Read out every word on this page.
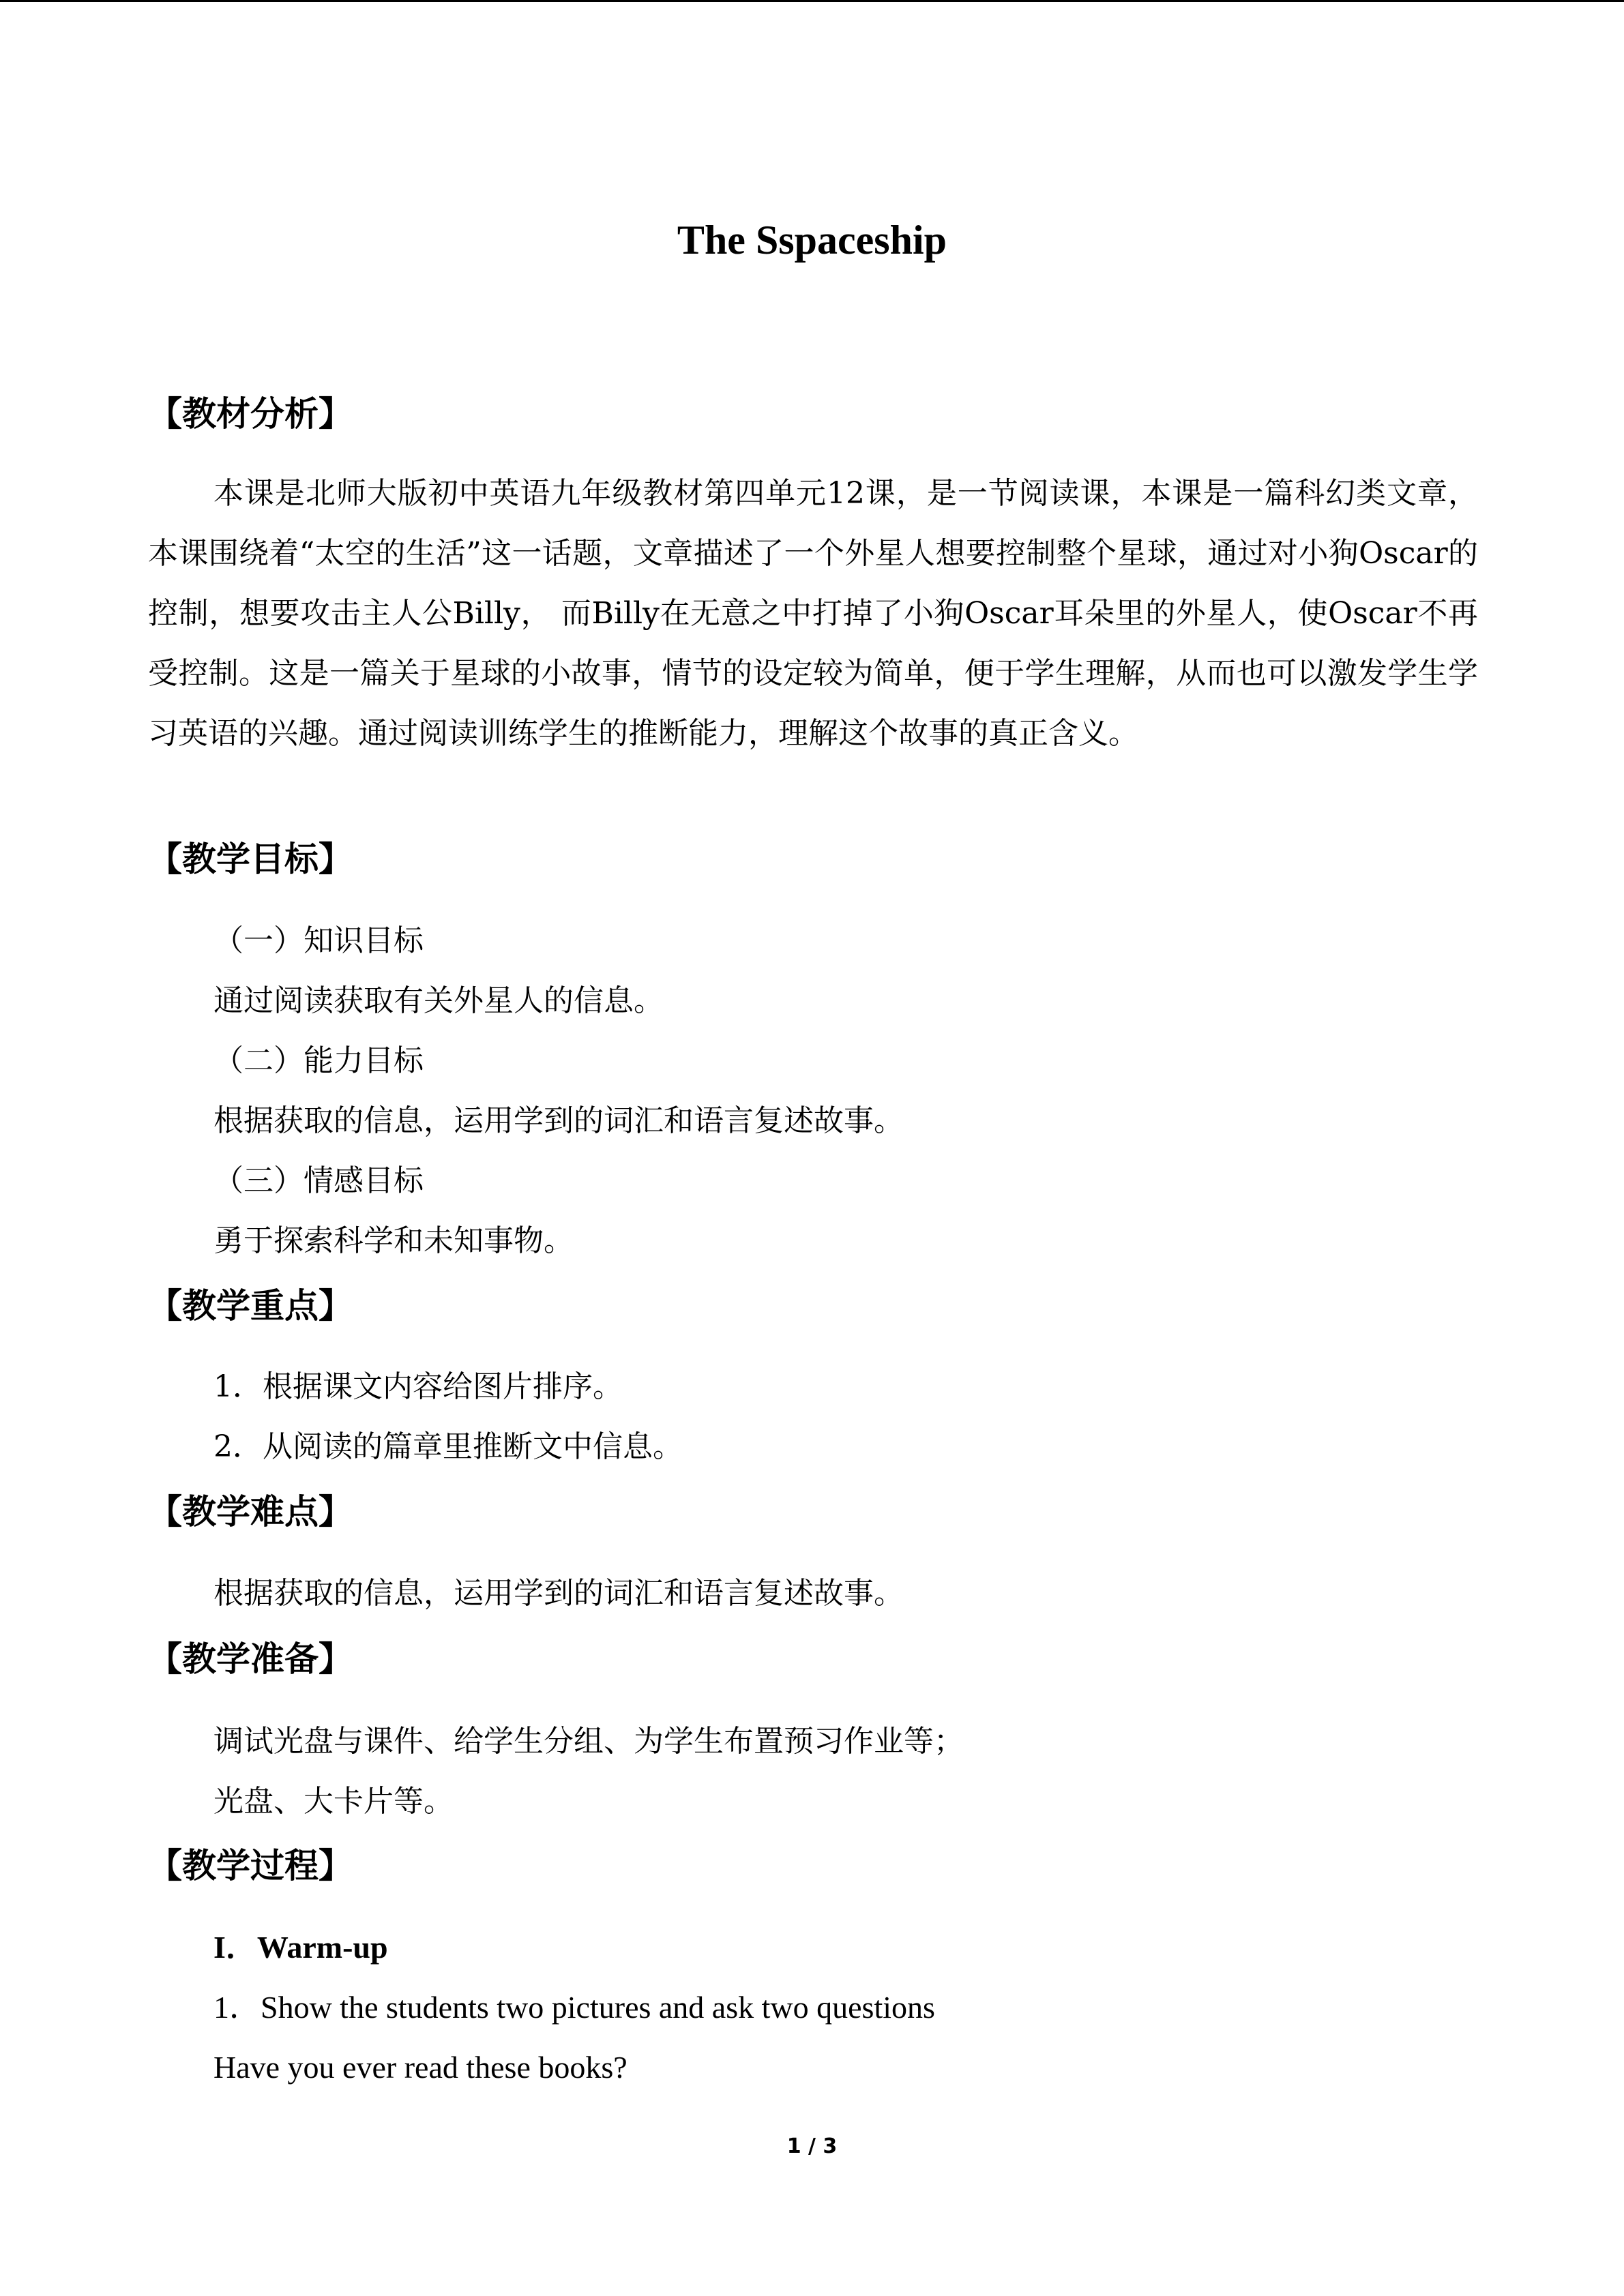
The Sspaceship
【教材分析】
本课是北师大版初中英语九年级教材第四单元12课，是一节阅读课，本课是一篇科幻类文章，本课围绕着“太空的生活”这一话题，文章描述了一个外星人想要控制整个星球，通过对小狗Oscar的控制，想要攻击主人公Billy， 而Billy在无意之中打掉了小狗Oscar耳朵里的外星人，使Oscar不再受控制。这是一篇关于星球的小故事，情节的设定较为简单，便于学生理解，从而也可以激发学生学习英语的兴趣。通过阅读训练学生的推断能力，理解这个故事的真正含义。
【教学目标】
（一）知识目标
通过阅读获取有关外星人的信息。
（二）能力目标
根据获取的信息，运用学到的词汇和语言复述故事。
（三）情感目标
勇于探索科学和未知事物。
【教学重点】
1．根据课文内容给图片排序。
2．从阅读的篇章里推断文中信息。
【教学难点】
根据获取的信息，运用学到的词汇和语言复述故事。
【教学准备】
调试光盘与课件、给学生分组、为学生布置预习作业等；
光盘、大卡片等。
【教学过程】
I．Warm-up
1．Show the students two pictures and ask two questions
Have you ever read these books?
1 / 3
